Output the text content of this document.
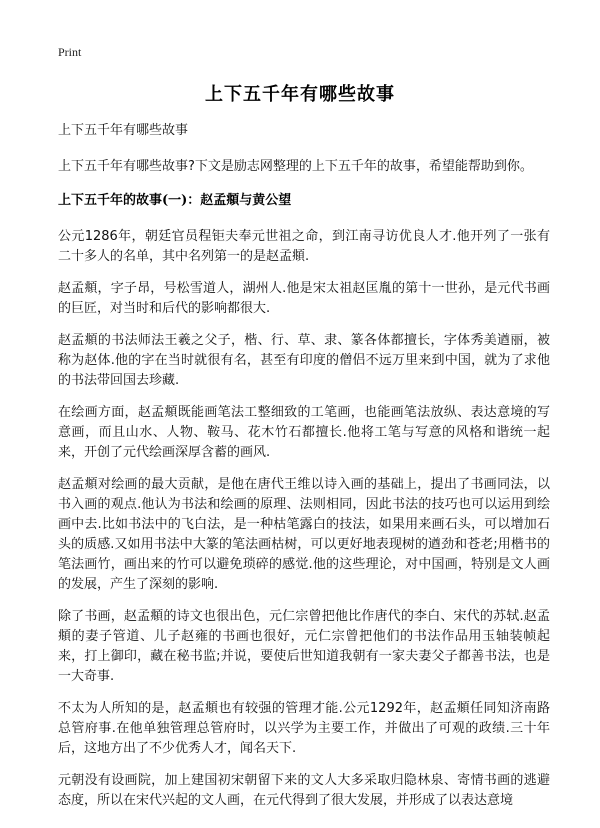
Print
上下五千年有哪些故事

上下五千年有哪些故事

上下五千年有哪些故事?下文是励志网整理的上下五千年的故事，希望能帮助到你。

上下五千年的故事(一)：赵孟頫与黄公望

公元1286年，朝廷官员程钜夫奉元世祖之命，到江南寻访优良人才.他开列了一张有二十多人的名单，其中名列第一的是赵孟頫.

赵孟頫，字子昂，号松雪道人，湖州人.他是宋太祖赵匡胤的第十一世孙，是元代书画的巨匠，对当时和后代的影响都很大.

赵孟頫的书法师法王羲之父子，楷、行、草、隶、篆各体都擅长，字体秀美遒丽，被称为赵体.他的字在当时就很有名，甚至有印度的僧侣不远万里来到中国，就为了求他的书法带回国去珍藏.

在绘画方面，赵孟頫既能画笔法工整细致的工笔画，也能画笔法放纵、表达意境的写意画，而且山水、人物、鞍马、花木竹石都擅长.他将工笔与写意的风格和谐统一起来，开创了元代绘画深厚含蓄的画风.

赵孟頫对绘画的最大贡献，是他在唐代王维以诗入画的基础上，提出了书画同法，以书入画的观点.他认为书法和绘画的原理、法则相同，因此书法的技巧也可以运用到绘画中去.比如书法中的飞白法，是一种枯笔露白的技法，如果用来画石头，可以增加石头的质感.又如用书法中大篆的笔法画枯树，可以更好地表现树的遒劲和苍老;用楷书的笔法画竹，画出来的竹可以避免琐碎的感觉.他的这些理论，对中国画，特别是文人画的发展，产生了深刻的影响.

除了书画，赵孟頫的诗文也很出色，元仁宗曾把他比作唐代的李白、宋代的苏轼.赵孟頫的妻子管道、儿子赵雍的书画也很好，元仁宗曾把他们的书法作品用玉轴装帧起来，打上御印，藏在秘书监;并说，要使后世知道我朝有一家夫妻父子都善书法，也是一大奇事.

不太为人所知的是，赵孟頫也有较强的管理才能.公元1292年，赵孟頫任同知济南路总管府事.在他单独管理总管府时，以兴学为主要工作，并做出了可观的政绩.三十年后，这地方出了不少优秀人才，闻名天下.

元朝没有设画院，加上建国初宋朝留下来的文人大多采取归隐林泉、寄情书画的逃避态度，所以在宋代兴起的文人画，在元代得到了很大发展，并形成了以表达意境
